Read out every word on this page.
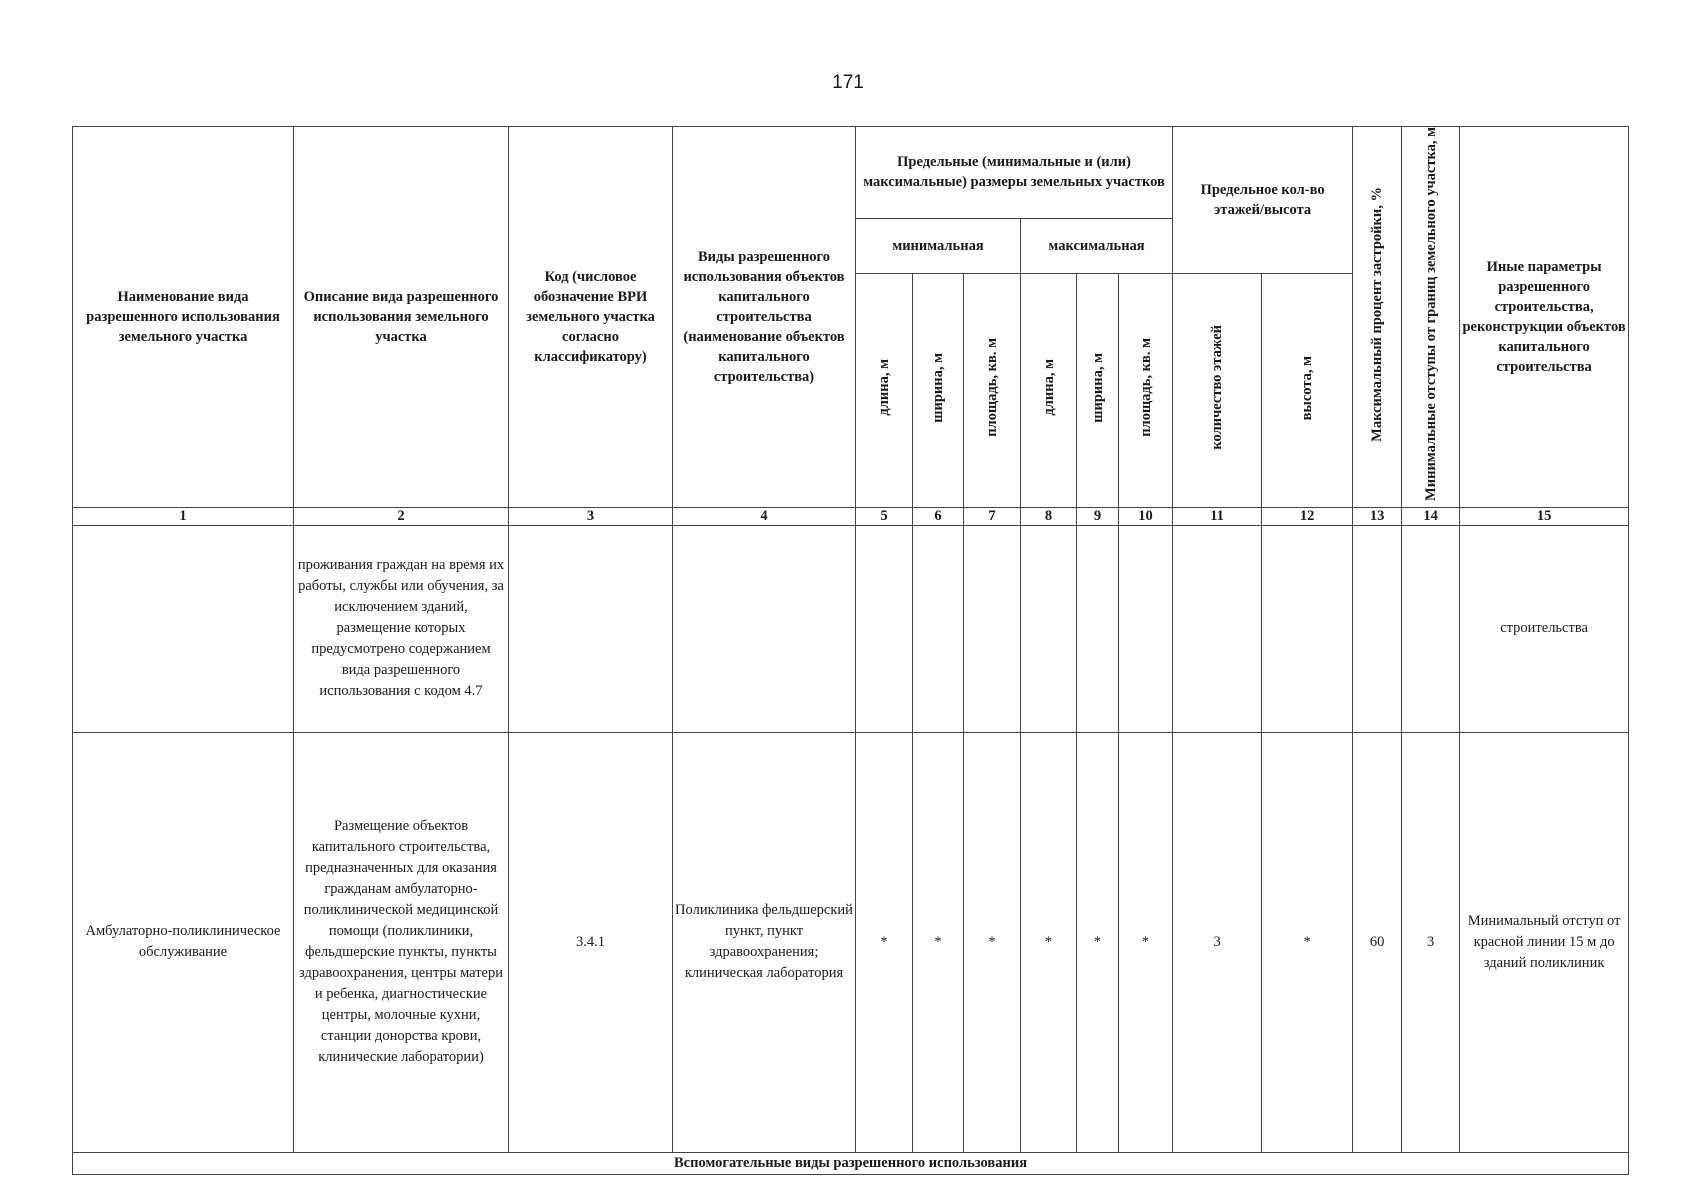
171
Наименование вида разрешенного использования земельного участка	Описание вида разрешенного использования земельного участка	Код (числовое обозначение ВРИ земельного участка согласно классификатору)	Виды разрешенного использования объектов капитального строительства (наименование объектов капитального строительства)	Предельные (минимальные и (или) максимальные) размеры земельных участков						Предельное кол-во этажей/высота		Максимальный процент застройки, %	Минимальные отступы от границ земельного участка, м	Иные параметры разрешенного строительства, реконструкции объектов капитального строительства
				минимальная			максимальная							
				длина, м	ширина, м	площадь, кв. м	длина, м	ширина, м	площадь, кв. м	количество этажей	высота, м			
1	2	3	4	5	6	7	8	9	10	11	12	13	14	15
	проживания граждан на время их работы, службы или обучения, за исключением зданий, размещение которых предусмотрено содержанием вида разрешенного использования с кодом 4.7													строительства
Амбулаторно-поликлиническое обслуживание	Размещение объектов капитального строительства, предназначенных для оказания гражданам амбулаторно-поликлинической медицинской помощи (поликлиники, фельдшерские пункты, пункты здравоохранения, центры матери и ребенка, диагностические центры, молочные кухни, станции донорства крови, клинические лаборатории)	3.4.1	Поликлиника фельдшерский пункт, пункт здравоохранения; клиническая лаборатория	*	*	*	*	*	*	3	*	60	3	Минимальный отступ от красной линии 15 м до зданий поликлиник
Вспомогательные виды разрешенного использования														
